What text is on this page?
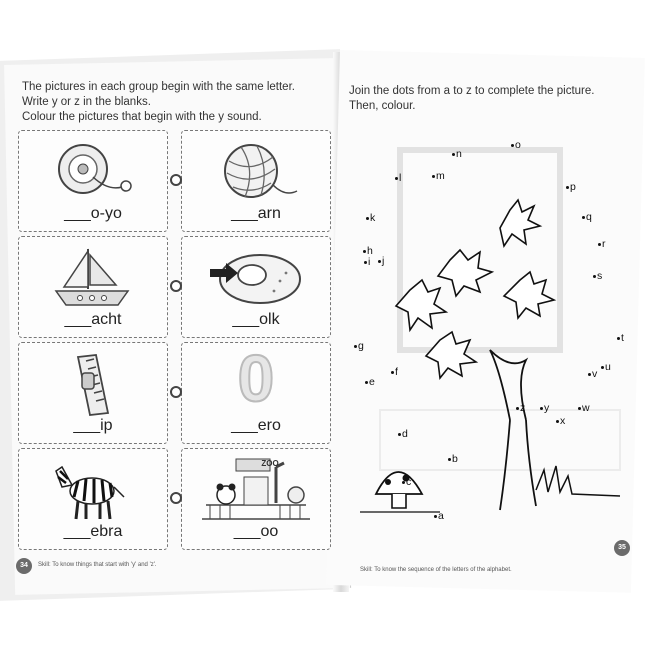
The pictures in each group begin with the same letter.
Write y or z in the blanks.
Colour the pictures that begin with the y sound.
___o-yo	___arn
___acht	___olk
___ip
0
___ero
___ebra
ZOO
___oo
34	Skill: To know things that start with 'y' and 'z'.
Join the dots from a to z to complete the picture.
Then, colour.
a
b
c
d
e
f
g
h
i	j
k
l	m
n
o
p
q
r
s
t
u
v
w
x
y
z
Skill: To know the sequence of the letters of the alphabet.
35
